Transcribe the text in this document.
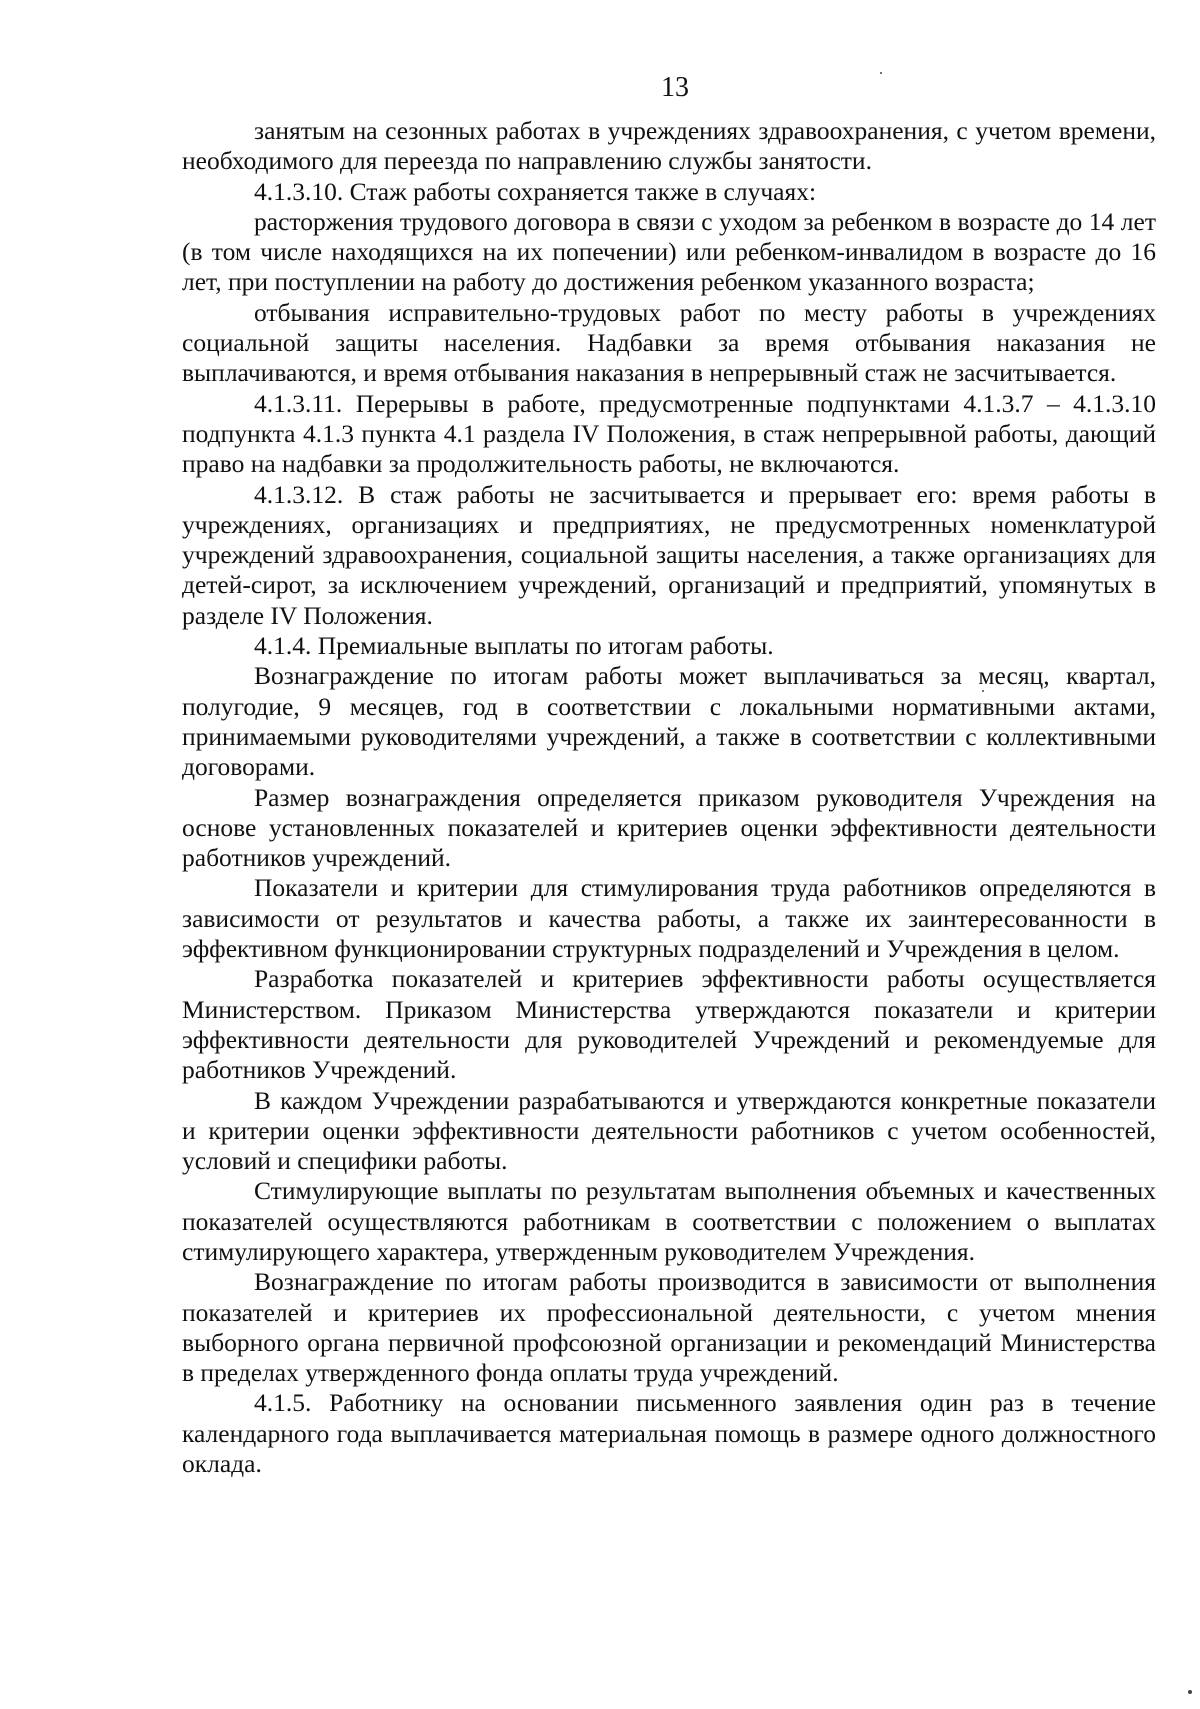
13

занятым на сезонных работах в учреждениях здравоохранения, с учетом времени, необходимого для переезда по направлению службы занятости.

4.1.3.10. Стаж работы сохраняется также в случаях:

расторжения трудового договора в связи с уходом за ребенком в возрасте до 14 лет (в том числе находящихся на их попечении) или ребенком-инвалидом в возрасте до 16 лет, при поступлении на работу до достижения ребенком указанного возраста;

отбывания исправительно-трудовых работ по месту работы в учреждениях социальной защиты населения. Надбавки за время отбывания наказания не выплачиваются, и время отбывания наказания в непрерывный стаж не засчитывается.

4.1.3.11. Перерывы в работе, предусмотренные подпунктами 4.1.3.7 – 4.1.3.10 подпункта 4.1.3 пункта 4.1 раздела IV Положения, в стаж непрерывной работы, дающий право на надбавки за продолжительность работы, не включаются.

4.1.3.12. В стаж работы не засчитывается и прерывает его: время работы в учреждениях, организациях и предприятиях, не предусмотренных номенклатурой учреждений здравоохранения, социальной защиты населения, а также организациях для детей-сирот, за исключением учреждений, организаций и предприятий, упомянутых в разделе IV Положения.

4.1.4. Премиальные выплаты по итогам работы.

Вознаграждение по итогам работы может выплачиваться за месяц, квартал, полугодие, 9 месяцев, год в соответствии с локальными нормативными актами, принимаемыми руководителями учреждений, а также в соответствии с коллективными договорами.

Размер вознаграждения определяется приказом руководителя Учреждения на основе установленных показателей и критериев оценки эффективности деятельности работников учреждений.

Показатели и критерии для стимулирования труда работников определяются в зависимости от результатов и качества работы, а также их заинтересованности в эффективном функционировании структурных подразделений и Учреждения в целом.

Разработка показателей и критериев эффективности работы осуществляется Министерством. Приказом Министерства утверждаются показатели и критерии эффективности деятельности для руководителей Учреждений и рекомендуемые для работников Учреждений.

В каждом Учреждении разрабатываются и утверждаются конкретные показатели и критерии оценки эффективности деятельности работников с учетом особенностей, условий и специфики работы.

Стимулирующие выплаты по результатам выполнения объемных и качественных показателей осуществляются работникам в соответствии с положением о выплатах стимулирующего характера, утвержденным руководителем Учреждения.

Вознаграждение по итогам работы производится в зависимости от выполнения показателей и критериев их профессиональной деятельности, с учетом мнения выборного органа первичной профсоюзной организации и рекомендаций Министерства в пределах утвержденного фонда оплаты труда учреждений.

4.1.5. Работнику на основании письменного заявления один раз в течение календарного года выплачивается материальная помощь в размере одного должностного оклада.
